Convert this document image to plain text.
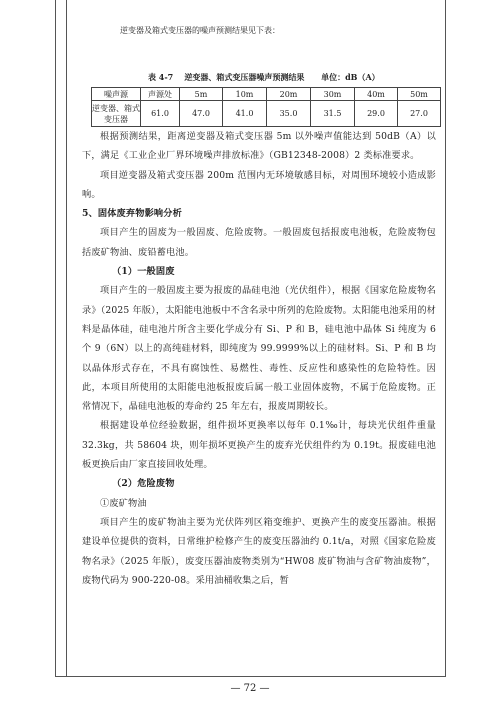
逆变器及箱式变压器的噪声预测结果见下表：

表 4-7    逆变器、箱式变压器噪声预测结果      单位：dB（A）

噪声源	声源处	5m	10m	20m	30m	40m	50m
逆变器、箱式变压器	61.0	47.0	41.0	35.0	31.5	29.0	27.0

根据预测结果，距离逆变器及箱式变压器 5m 以外噪声值能达到 50dB（A）以下，满足《工业企业厂界环境噪声排放标准》（GB12348-2008）2 类标准要求。

项目逆变器及箱式变压器 200m 范围内无环境敏感目标，对周围环境较小造成影响。

5、固体废弃物影响分析

项目产生的固废为一般固废、危险废物。一般固废包括报废电池板，危险废物包括废矿物油、废铅蓄电池。

（1）一般固废

项目产生的一般固废主要为报废的晶硅电池（光伏组件），根据《国家危险废物名录》（2025 年版），太阳能电池板中不含名录中所列的危险废物。太阳能电池采用的材料是晶体硅，硅电池片所含主要化学成分有 Si、P 和 B，硅电池中晶体 Si 纯度为 6 个 9（6N）以上的高纯硅材料，即纯度为 99.9999%以上的硅材料。Si、P 和 B 均以晶体形式存在，不具有腐蚀性、易燃性、毒性、反应性和感染性的危险特性。因此，本项目所使用的太阳能电池板报废后属一般工业固体废物，不属于危险废物。正常情况下，晶硅电池板的寿命约 25 年左右，报废周期较长。

根据建设单位经验数据，组件损坏更换率以每年 0.1‰计，每块光伏组件重量 32.3kg，共 58604 块，则年损坏更换产生的废弃光伏组件约为 0.19t。报废硅电池板更换后由厂家直接回收处理。

（2）危险废物

①废矿物油

项目产生的废矿物油主要为光伏阵列区箱变维护、更换产生的废变压器油。根据建设单位提供的资料，日常维护检修产生的废变压器油约 0.1t/a，对照《国家危险废物名录》（2025 年版），废变压器油废物类别为“HW08 废矿物油与含矿物油废物”，废物代码为 900-220-08。采用油桶收集之后，暂

— 72 —
